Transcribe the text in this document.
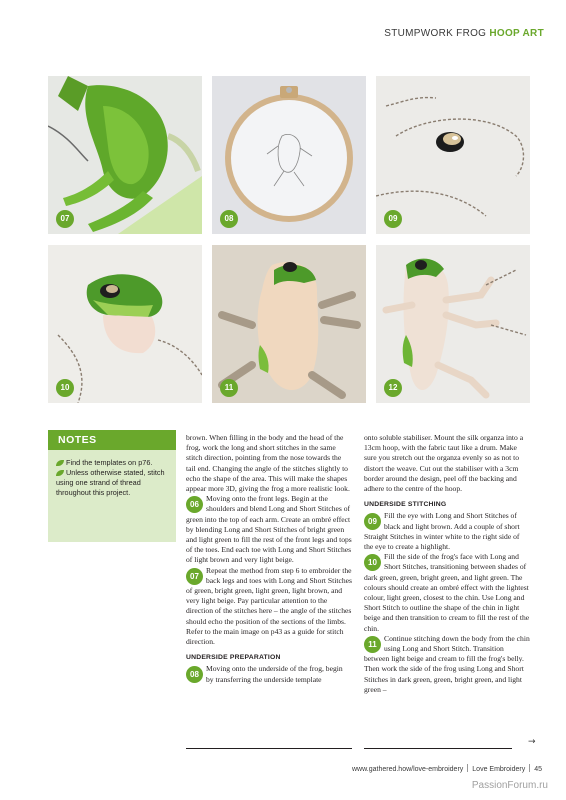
STUMPWORK FROG HOOP ART
07	08	09
10	11	12
NOTES
Find the templates on p76.
Unless otherwise stated, stitch using one strand of thread throughout this project.

brown. When filling in the body and the head of the frog, work the long and short stitches in the same stitch direction, pointing from the nose towards the tail end. Changing the angle of the stitches slightly to echo the shape of the area. This will make the shapes appear more 3D, giving the frog a more realistic look.

06
Moving onto the front legs. Begin at the shoulders and blend Long and Short Stitches of green into the top of each arm. Create an ombré effect by blending Long and Short Stitches of bright green and light green to fill the rest of the front legs and tops of the toes. End each toe with Long and Short Stitches of light brown and very light beige.

07
Repeat the method from step 6 to embroider the back legs and toes with Long and Short Stitches of green, bright green, light green, light brown, and very light beige. Pay particular attention to the direction of the stitches here – the angle of the stitches should echo the position of the sections of the limbs. Refer to the main image on p43 as a guide for stitch direction.

UNDERSIDE PREPARATION

08
Moving onto the underside of the frog, begin by transferring the underside template

onto soluble stabiliser. Mount the silk organza into a 13cm hoop, with the fabric taut like a drum. Make sure you stretch out the organza evenly so as not to distort the weave. Cut out the stabiliser with a 3cm border around the design, peel off the backing and adhere to the centre of the hoop.

UNDERSIDE STITCHING

09
Fill the eye with Long and Short Stitches of black and light brown. Add a couple of short Straight Stitches in winter white to the right side of the eye to create a highlight.

10
Fill the side of the frog's face with Long and Short Stitches, transitioning between shades of dark green, green, bright green, and light green. The colours should create an ombré effect with the lightest colour, light green, closest to the chin. Use Long and Short Stitch to outline the shape of the chin in light beige and then transition to cream to fill the rest of the chin.

11
Continue stitching down the body from the chin using Long and Short Stitch. Transition between light beige and cream to fill the frog's belly. Then work the side of the frog using Long and Short Stitches in dark green, green, bright green, and light green –

→
www.gathered.how/love-embroidery Love Embroidery 45
PassionForum.ru
